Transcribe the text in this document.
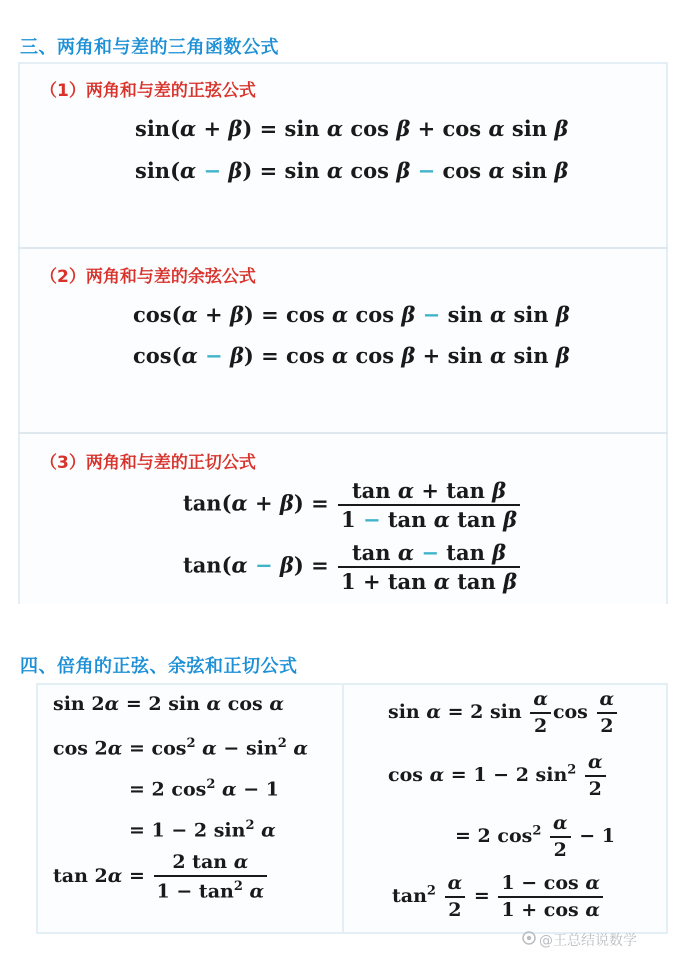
三、两角和与差的三角函数公式
（1）两角和与差的正弦公式
sin(α + β) = sin α cos β + cos α sin β
sin(α − β) = sin α cos β − cos α sin β
（2）两角和与差的余弦公式
cos(α + β) = cos α cos β − sin α sin β
cos(α − β) = cos α cos β + sin α sin β
（3）两角和与差的正切公式
$\tan(\alpha + \beta) = \frac{\text{tan α + tan β}}{\text{1 − tan α tan β}}$
$\tan(\alpha - \beta) = \frac{\text{tan α − tan β}}{\text{1 + tan α tan β}}$
四、倍角的正弦、余弦和正切公式
sin 2α = 2 sin α cos α
$\cos 2\alpha = \cos^2 \alpha - \sin^2 \alpha$
= 2 $\cos^2 \alpha - 1$
= 1 − 2 $\sin^2 \alpha$
$\tan 2\alpha = \frac{\text{2 tan α}}{1 - \tan^2 \alpha}$
sin α = 2 $\sin \frac{\alpha}{2}$ $\cos \frac{\alpha}{2}$
cos α = 1 − 2 $\sin^2 \frac{\alpha}{2}$
= 2 $\cos^2 \frac{\alpha}{2} - 1$
$\tan^2 \frac{\alpha}{2} = \frac{\text{1 − cos α}}{\text{1 + cos α}}$
@王总结说数学
